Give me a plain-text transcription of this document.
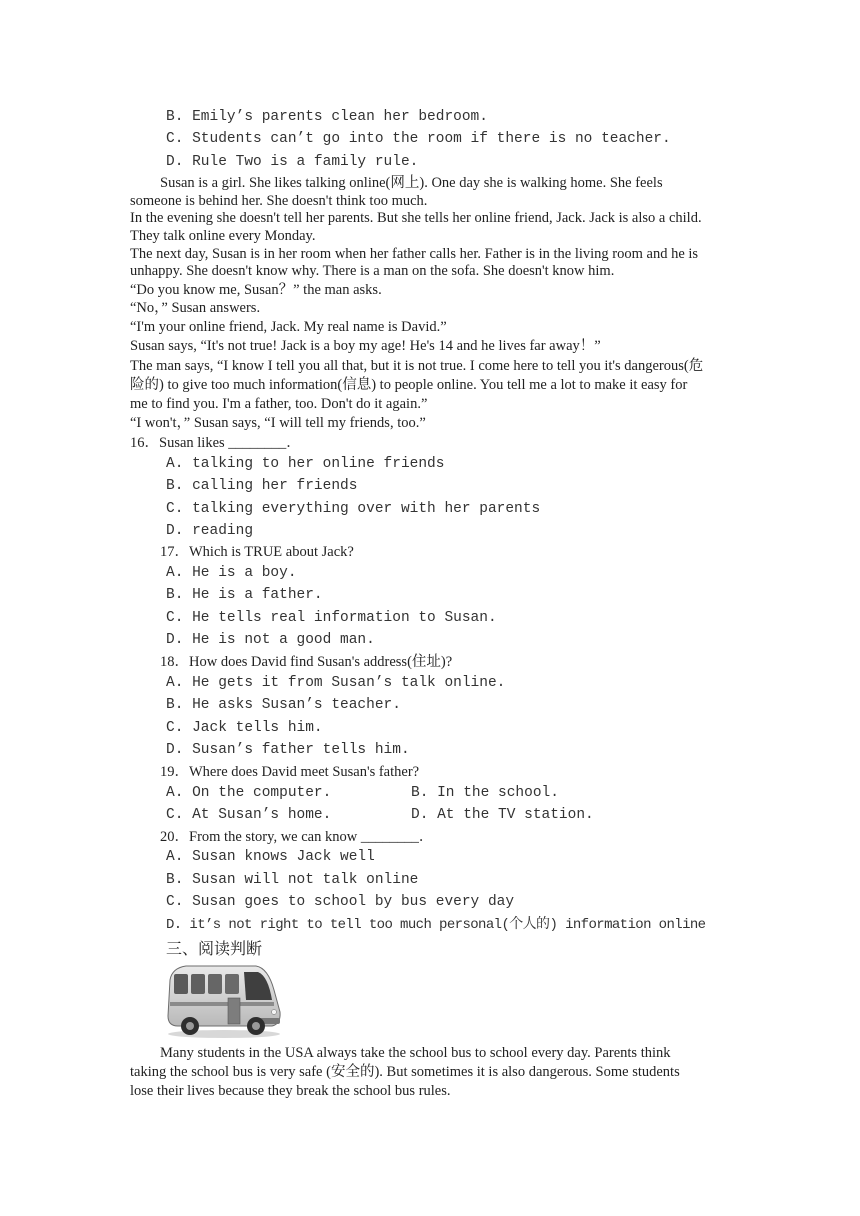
B. Emily’s parents clean her bedroom.
C. Students can’t go into the room if there is no teacher.
D. Rule Two is a family rule.
Susan is a girl. She likes talking online(网上). One day she is walking home. She feels
someone is behind her. She doesn't think too much.
In the evening she doesn't tell her parents. But she tells her online friend, Jack. Jack is also a child.
They talk online every Monday.
The next day, Susan is in her room when her father calls her. Father is in the living room and he is
unhappy. She doesn't know why. There is a man on the sofa. She doesn't know him.
“Do you know me, Susan？” the man asks.
“No，” Susan answers.
“I'm your online friend, Jack. My real name is David.”
Susan says, “It's not true! Jack is a boy my age! He's 14 and he lives far away！”
The man says, “I know I tell you all that, but it is not true. I come here to tell you it's dangerous(危
险的) to give too much information(信息) to people online. You tell me a lot to make it easy for
me to find you. I'm a father, too. Don't do it again.”
“I won't，” Susan says, “I will tell my friends, too.”
16．Susan likes ________．
A. talking to her online friends
B. calling her friends
C. talking everything over with her parents
D. reading
17．Which is TRUE about Jack?
A. He is a boy.
B. He is a father.
C. He tells real information to Susan.
D. He is not a good man.
18．How does David find Susan's address(住址)?
A. He gets it from Susan’s talk online.
B. He asks Susan’s teacher.
C. Jack tells him.
D. Susan’s father tells him.
19．Where does David meet Susan's father?
A. On the computer.	B. In the school.
C. At Susan’s home.	D. At the TV station.
20．From the story, we can know ________．
A. Susan knows Jack well
B. Susan will not talk online
C. Susan goes to school by bus every day
D. it’s not right to tell too much personal(个人的) information online
三、阅读判断
Many students in the USA always take the school bus to school every day. Parents think
taking the school bus is very safe (安全的). But sometimes it is also dangerous. Some students
lose their lives because they break the school bus rules.
